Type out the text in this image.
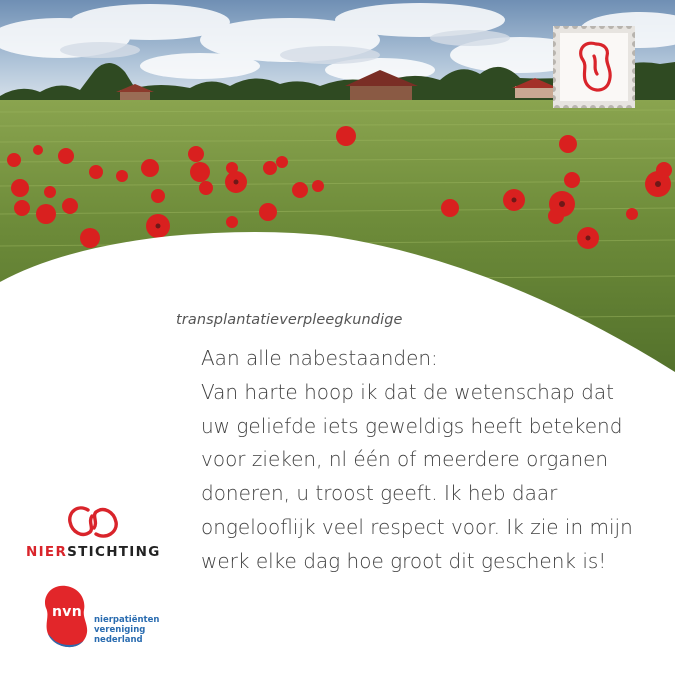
transplantatieverpleegkundige

Aan alle nabestaanden:

Van harte hoop ik dat de wetenschap dat

uw geliefde iets geweldigs heeft betekend

voor zieken, nl één of meerdere organen

doneren, u troost geeft. Ik heb daar

ongelooflijk veel respect voor. Ik zie in mijn

werk elke dag hoe groot dit geschenk is!

NIERSTICHTING
nvn	nierpatiënten
vereniging
nederland
